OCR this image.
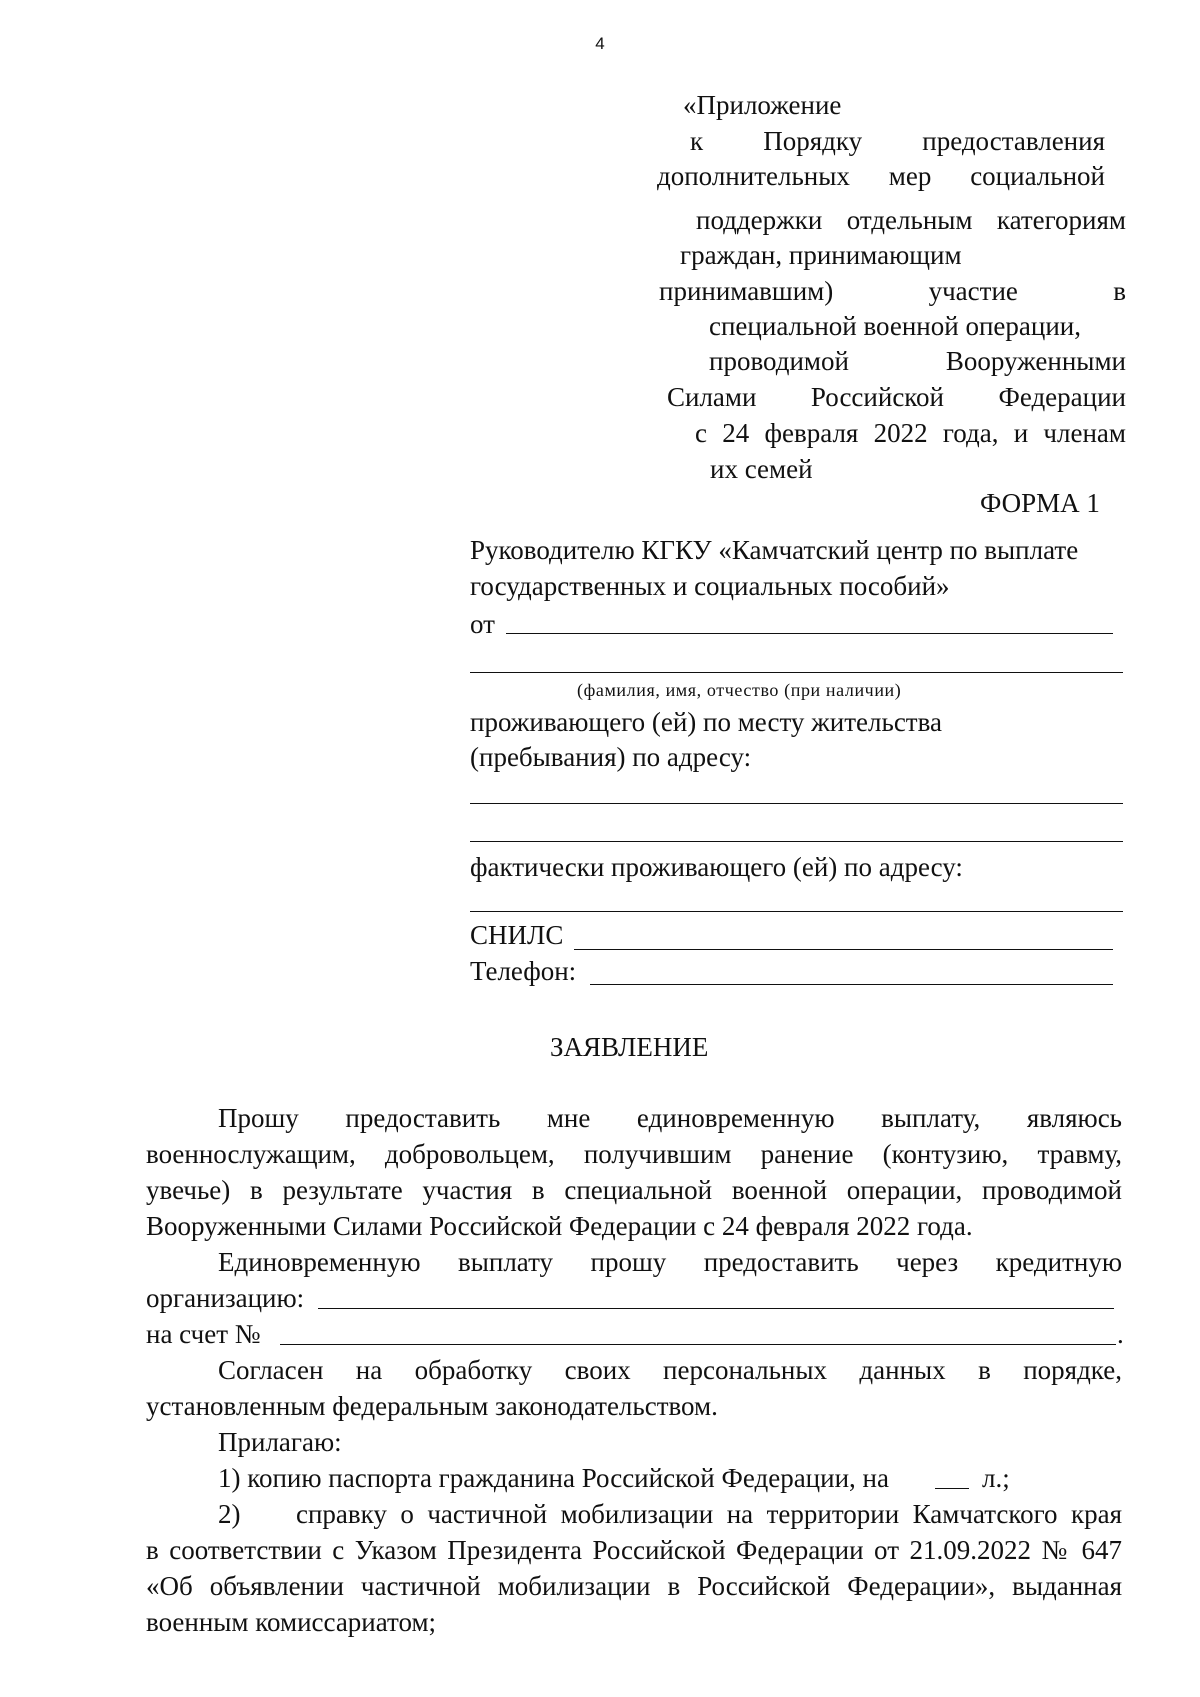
4
«Приложение
к Порядку предоставления
дополнительных мер социальной
поддержки отдельным категориям
граждан, принимающим
принимавшим) участие в
специальной военной операции,
проводимой Вооруженными
Силами Российской Федерации
с 24 февраля 2022 года, и членам
их семей
ФОРМА 1
Руководителю КГКУ «Камчатский центр по выплате
государственных и социальных пособий»
от
(фамилия, имя, отчество (при наличии)
проживающего (ей) по месту жительства
(пребывания) по адресу:
фактически проживающего (ей) по адресу:
СНИЛС
Телефон:
ЗАЯВЛЕНИЕ
Прошу предоставить мне единовременную выплату, являюсь
военнослужащим, добровольцем, получившим ранение (контузию, травму,
увечье) в результате участия в специальной военной операции, проводимой
Вооруженными Силами Российской Федерации с 24 февраля 2022 года.
Единовременную выплату прошу предоставить через кредитную
организацию:
на счет №	.
Согласен на обработку своих персональных данных в порядке,
установленным федеральным законодательством.
Прилагаю:
1) копию паспорта гражданина Российской Федерации, на	л.;
2) справку о частичной мобилизации на территории Камчатского края
в соответствии с Указом Президента Российской Федерации от 21.09.2022 № 647
«Об объявлении частичной мобилизации в Российской Федерации», выданная
военным комиссариатом;
